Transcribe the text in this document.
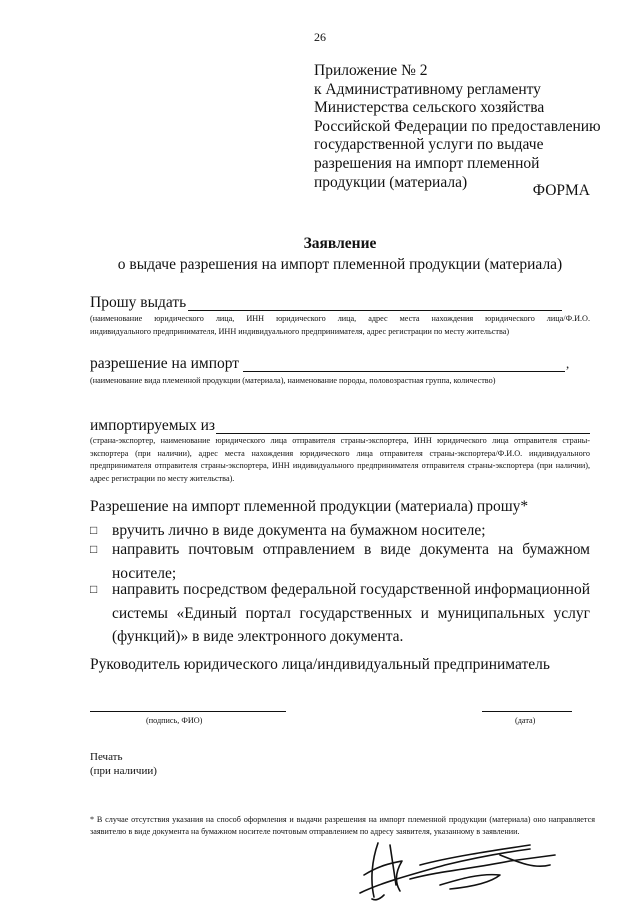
26
Приложение № 2
к Административному регламенту
Министерства сельского хозяйства
Российской Федерации по предоставлению
государственной услуги по выдаче
разрешения на импорт племенной
продукции (материала)	ФОРМА
Заявление
о выдаче разрешения на импорт племенной продукции (материала)
Прошу выдать
(наименование юридического лица, ИНН юридического лица, адрес места нахождения юридического лица/Ф.И.О.
индивидуального предпринимателя, ИНН индивидуального предпринимателя, адрес регистрации по месту жительства)
разрешение на импорт	,
(наименование вида племенной продукции (материала), наименование породы, половозрастная группа, количество)
импортируемых из
(страна-экспортер, наименование юридического лица отправителя страны-экспортера, ИНН юридического лица отправителя страны-экспортера (при наличии), адрес места нахождения юридического лица отправителя страны-экспортера/Ф.И.О. индивидуального предпринимателя отправителя страны-экспортера, ИНН индивидуального предпринимателя отправителя страны-экспортера (при наличии), адрес регистрации по месту жительства).
Разрешение на импорт племенной продукции (материала) прошу*
□ вручить лично в виде документа на бумажном носителе;
□ направить почтовым отправлением в виде документа на бумажном носителе;
□ направить посредством федеральной государственной информационной системы «Единый портал государственных и муниципальных услуг (функций)» в виде электронного документа.
Руководитель юридического лица/индивидуальный предприниматель
(подпись, ФИО)	(дата)
Печать
(при наличии)
* В случае отсутствия указания на способ оформления и выдачи разрешения на импорт племенной продукции (материала) оно направляется заявителю в виде документа на бумажном носителе почтовым отправлением по адресу заявителя, указанному в заявлении.
